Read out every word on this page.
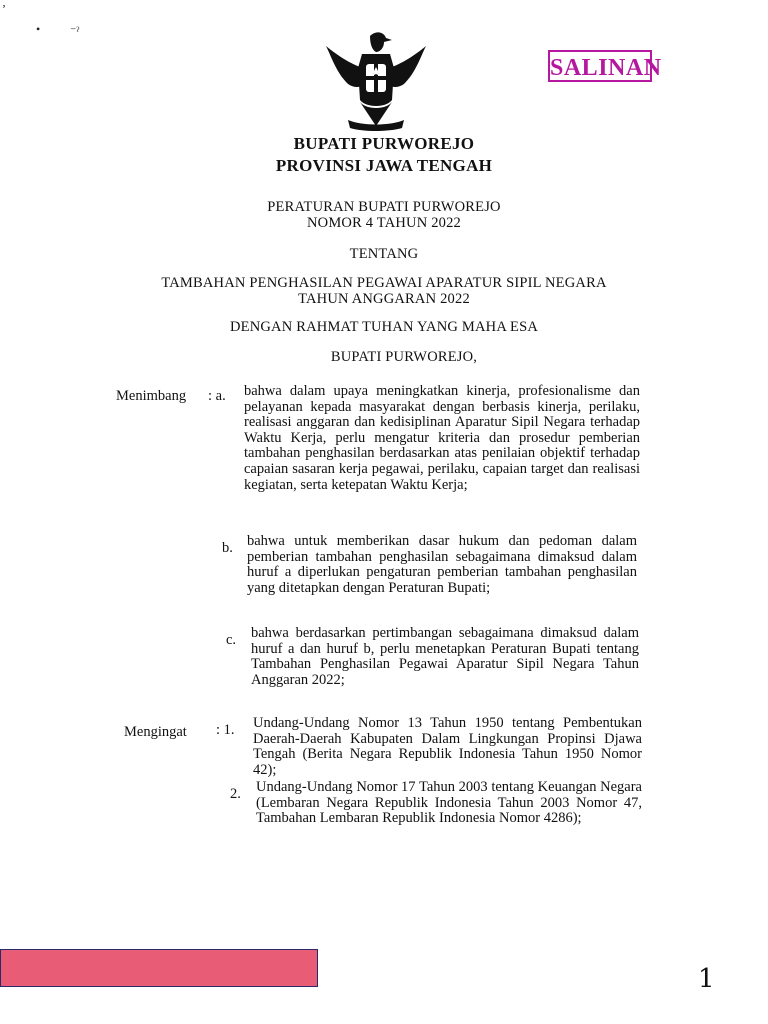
SALINAN
BUPATI PURWOREJO
PROVINSI JAWA TENGAH
PERATURAN BUPATI PURWOREJO
NOMOR 4 TAHUN 2022
TENTANG
TAMBAHAN PENGHASILAN PEGAWAI APARATUR SIPIL NEGARA
TAHUN ANGGARAN 2022
DENGAN RAHMAT TUHAN YANG MAHA ESA
BUPATI PURWOREJO,
Menimbang : a. bahwa dalam upaya meningkatkan kinerja, profesionalisme dan pelayanan kepada masyarakat dengan berbasis kinerja, perilaku, realisasi anggaran dan kedisiplinan Aparatur Sipil Negara terhadap Waktu Kerja, perlu mengatur kriteria dan prosedur pemberian tambahan penghasilan berdasarkan atas penilaian objektif terhadap capaian sasaran kerja pegawai, perilaku, capaian target dan realisasi kegiatan, serta ketepatan Waktu Kerja;
b. bahwa untuk memberikan dasar hukum dan pedoman dalam pemberian tambahan penghasilan sebagaimana dimaksud dalam huruf a diperlukan pengaturan pemberian tambahan penghasilan yang ditetapkan dengan Peraturan Bupati;
c. bahwa berdasarkan pertimbangan sebagaimana dimaksud dalam huruf a dan huruf b, perlu menetapkan Peraturan Bupati tentang Tambahan Penghasilan Pegawai Aparatur Sipil Negara Tahun Anggaran 2022;
Mengingat : 1. Undang-Undang Nomor 13 Tahun 1950 tentang Pembentukan Daerah-Daerah Kabupaten Dalam Lingkungan Propinsi Djawa Tengah (Berita Negara Republik Indonesia Tahun 1950 Nomor 42);
2. Undang-Undang Nomor 17 Tahun 2003 tentang Keuangan Negara (Lembaran Negara Republik Indonesia Tahun 2003 Nomor 47, Tambahan Lembaran Republik Indonesia Nomor 4286);
ʼ
• ⁻ˀ
1
